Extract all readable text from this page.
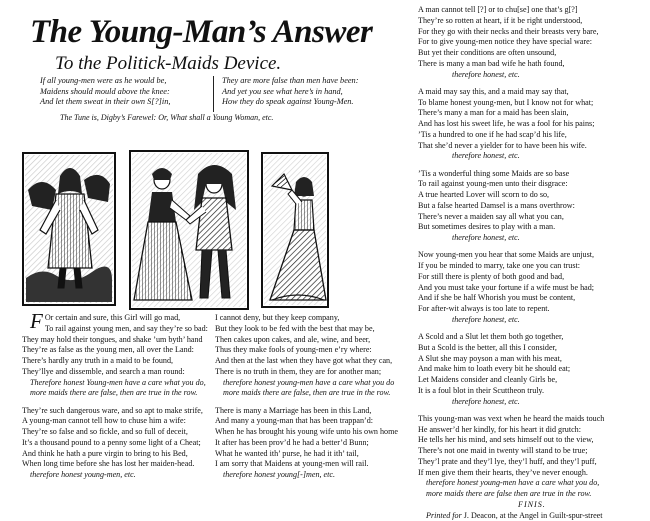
The Young-Man’s Answer
To the Politick-Maids Device.
If all young-men were as he would be,
Maidens should mould above the knee:
And let them sweat in their own S[?]in,
They are more false than men have been:
And yet you see what here’s in hand,
How they do speak against Young-Men.
The Tune is, Digby’s Farewel: Or, What shall a Young Woman, etc.

F Or certain and sure, this Girl will go mad,

To rail against young men, and say they’re so bad:

They may hold their tongues, and shake ’um byth’ hand

They’re as false as the young men, all over the Land:

There’s hardly any truth in a maid to be found,

They’llye and dissemble, and search a man round:

Therefore honest Young-men have a care what you do,

more maids there are false, then are true in the row.

They’re such dangerous ware, and so apt to make strife,

A young-man cannot tell how to chuse him a wife:

They’re so false and so fickle, and so full of deceit,

It’s a thousand pound to a penny some light of a Cheat;

And think he hath a pure virgin to bring to his Bed,

When long time before she has lost her maiden-head.

therefore honest young-men, etc.

I cannot deny, but they keep company,

But they look to be fed with the best that may be,

Then cakes upon cakes, and ale, wine, and beer,

Thus they make fools of young-men e’ry where:

And then at the last when they have got what they can,

There is no truth in them, they are for another man;

therefore honest young-men have a care what you do

more maids there are false, then are true in the row.

There is many a Marriage has been in this Land,

And many a young-man that has been trappan’d:

When he has brought his young wife unto his own home

It after has been prov’d he had a better’d Bunn;

What he wanted ith’ purse, he had it ith’ tail,

I am sorry that Maidens at young-men will rail.

therefore honest young[-]men, etc.

A man cannot tell [?] or to chu[se] one that’s g[?]

They’re so rotten at heart, if it be right understood,

For they go with their necks and their breasts very bare,

For to give young-men notice they have special ware:

But yet their conditions are often unsound,

There is many a man bad wife he hath found,

therefore honest, etc.

A maid may say this, and a maid may say that,

To blame honest young-men, but I know not for what;

There’s many a man for a maid has been slain,

And has lost his sweet life, he was a fool for his pains;

’Tis a hundred to one if he had scap’d his life,

That she’d never a yielder for to have been his wife.

therefore honest, etc.

’Tis a wonderful thing some Maids are so base

To rail against young-men unto their disgrace:

A true hearted Lover will scorn to do so,

But a false hearted Damsel is a mans overthrow:

There’s never a maiden say all what you can,

But sometimes desires to play with a man.

therefore honest, etc.

Now young-men you hear that some Maids are unjust,

If you be minded to marry, take one you can trust:

For still there is plenty of both good and bad,

And you must take your fortune if a wife must be had;

And if she be half Whorish you must be content,

For after-wit always is too late to repent.

therefore honest, etc.

A Scold and a Slut let them both go together,

But a Scold is the better, all this I consider,

A Slut she may poyson a man with his meat,

And make him to loath every bit he should eat;

Let Maidens consider and cleanly Girls be,

It is a foul blot in their Scuttheon truly.

therefore honest, etc.

This young-man was vext when he heard the maids touch

He answer’d her kindly, for his heart it did grutch:

He tells her his mind, and sets himself out to the view,

There’s not one maid in twenty will stand to be true;

They’l prate and they’l lye, they’l huff, and they’l puff,

If men give them their hearts, they’ve never enough.

therefore honest young-men have a care what you do,

more maids there are false then are true in the row.

FINIS.

Printed for J. Deacon, at the Angel in Guilt-spur-street
